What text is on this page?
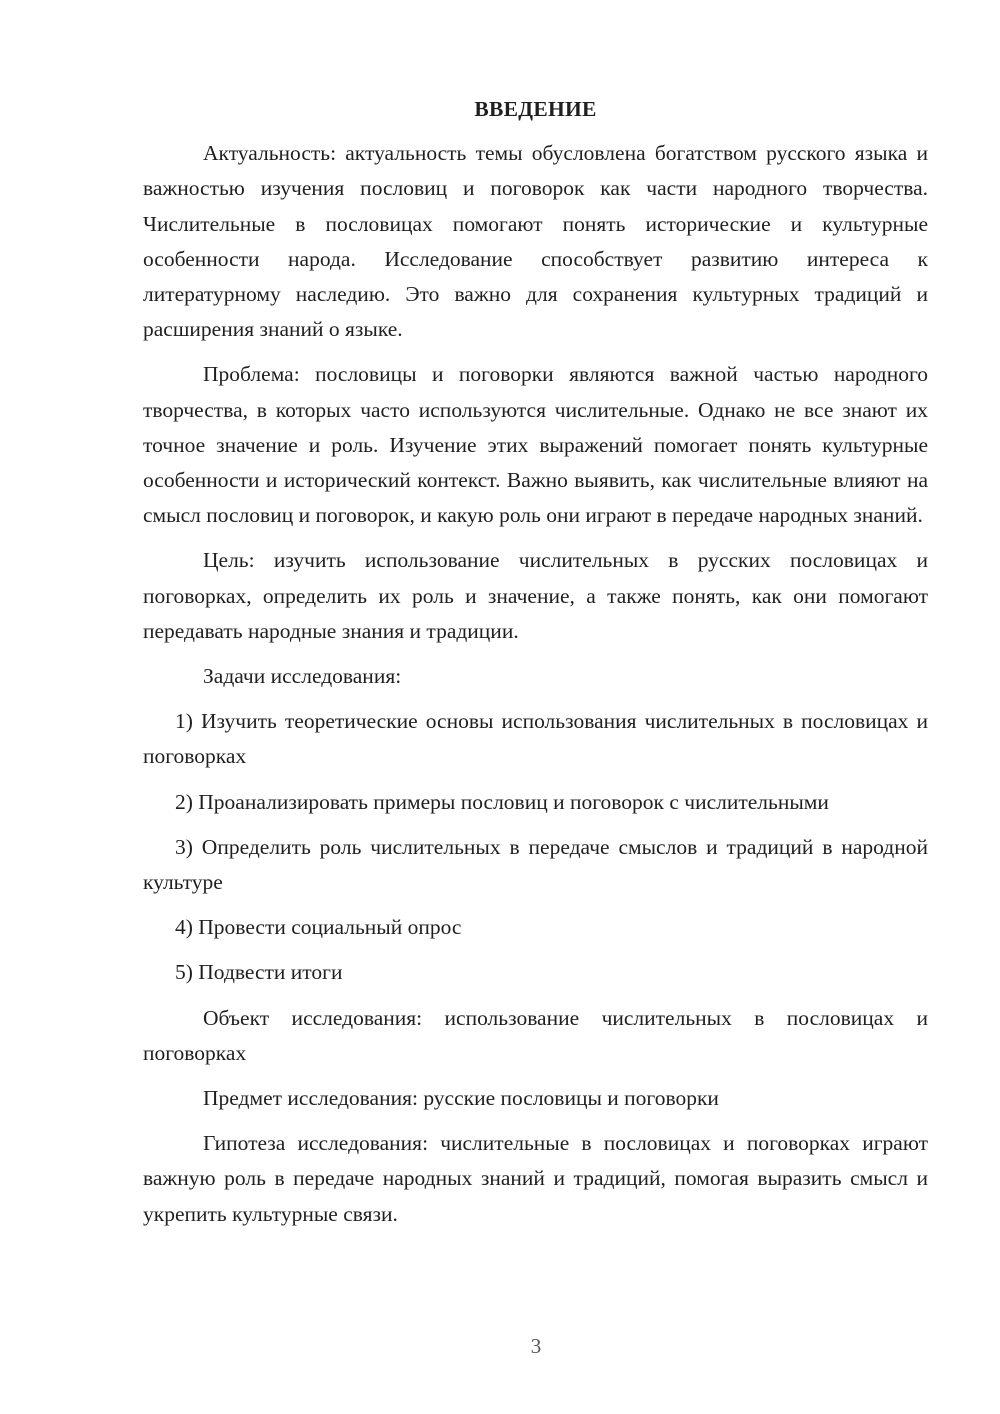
ВВЕДЕНИЕ

Актуальность: актуальность темы обусловлена богатством русского языка и важностью изучения пословиц и поговорок как части народного творчества. Числительные в пословицах помогают понять исторические и культурные особенности народа. Исследование способствует развитию интереса к литературному наследию. Это важно для сохранения культурных традиций и расширения знаний о языке.

Проблема: пословицы и поговорки являются важной частью народного творчества, в которых часто используются числительные. Однако не все знают их точное значение и роль. Изучение этих выражений помогает понять культурные особенности и исторический контекст. Важно выявить, как числительные влияют на смысл пословиц и поговорок, и какую роль они играют в передаче народных знаний.

Цель: изучить использование числительных в русских пословицах и поговорках, определить их роль и значение, а также понять, как они помогают передавать народные знания и традиции.

Задачи исследования:

1) Изучить теоретические основы использования числительных в пословицах и поговорках

2) Проанализировать примеры пословиц и поговорок с числительными

3) Определить роль числительных в передаче смыслов и традиций в народной культуре

4) Провести социальный опрос

5) Подвести итоги

Объект исследования: использование числительных в пословицах и поговорках

Предмет исследования: русские пословицы и поговорки

Гипотеза исследования: числительные в пословицах и поговорках играют важную роль в передаче народных знаний и традиций, помогая выразить смысл и укрепить культурные связи.

3
